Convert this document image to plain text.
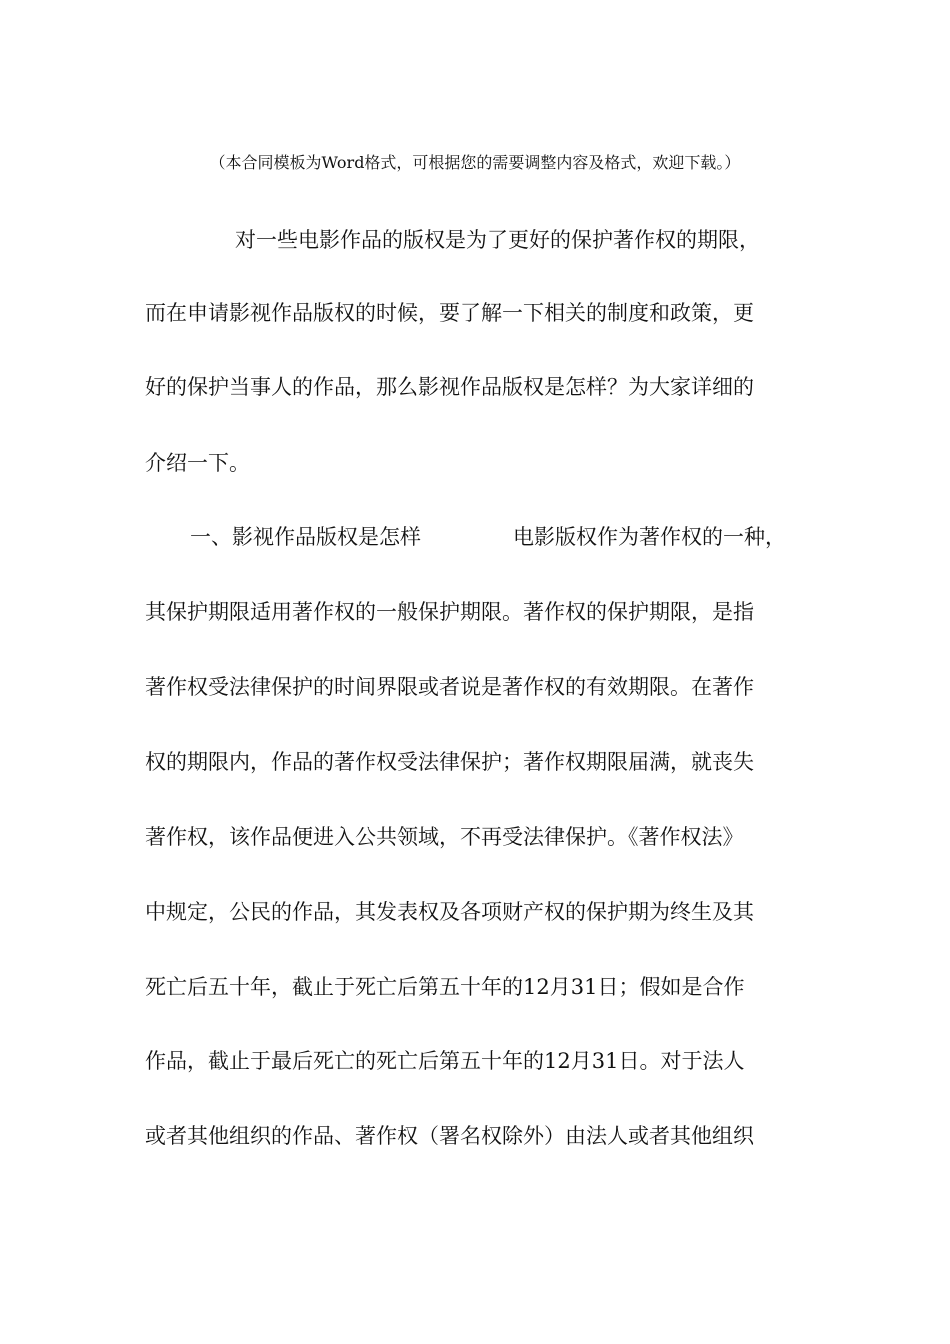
（本合同模板为Word格式，可根据您的需要调整内容及格式，欢迎下载。）
对一些电影作品的版权是为了更好的保护著作权的期限，
而在申请影视作品版权的时候，要了解一下相关的制度和政策，更
好的保护当事人的作品，那么影视作品版权是怎样？为大家详细的
介绍一下。
一、影视作品版权是怎样	电影版权作为著作权的一种，
其保护期限适用著作权的一般保护期限。著作权的保护期限，是指
著作权受法律保护的时间界限或者说是著作权的有效期限。在著作
权的期限内，作品的著作权受法律保护；著作权期限届满，就丧失
著作权，该作品便进入公共领域，不再受法律保护。《著作权法》
中规定，公民的作品，其发表权及各项财产权的保护期为终生及其
死亡后五十年，截止于死亡后第五十年的12月31日；假如是合作
作品，截止于最后死亡的死亡后第五十年的12月31日。对于法人
或者其他组织的作品、著作权（署名权除外）由法人或者其他组织
